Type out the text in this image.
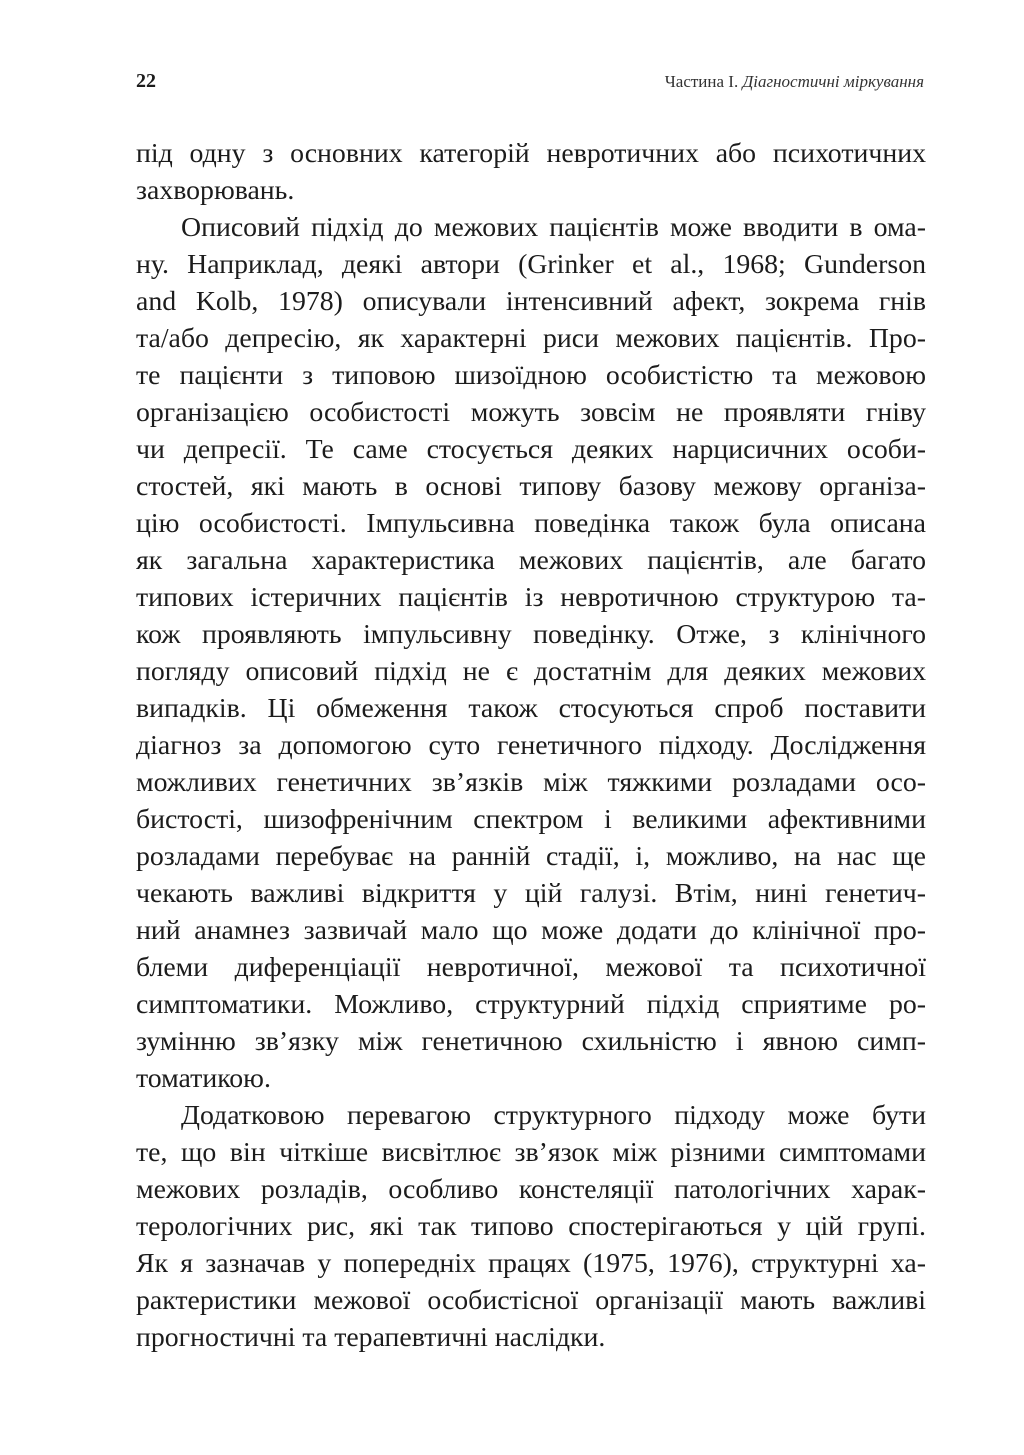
22	Частина І. Діагностичні міркування
під одну з основних категорій невротичних або психотичних
захворювань.
Описовий підхід до межових пацієнтів може вводити в ома-
ну. Наприклад, деякі автори (Grinker et al., 1968; Gunderson
and Kolb, 1978) описували інтенсивний афект, зокрема гнів
та/або депресію, як характерні риси межових пацієнтів. Про-
те пацієнти з типовою шизоїдною особистістю та межовою
організацією особистості можуть зовсім не проявляти гніву
чи депресії. Те саме стосується деяких нарцисичних особи-
стостей, які мають в основі типову базову межову організа-
цію особистості. Імпульсивна поведінка також була описана
як загальна характеристика межових пацієнтів, але багато
типових істеричних пацієнтів із невротичною структурою та-
кож проявляють імпульсивну поведінку. Отже, з клінічного
погляду описовий підхід не є достатнім для деяких межових
випадків. Ці обмеження також стосуються спроб поставити
діагноз за допомогою суто генетичного підходу. Дослідження
можливих генетичних зв’язків між тяжкими розладами осо-
бистості, шизофренічним спектром і великими афективними
розладами перебуває на ранній стадії, і, можливо, на нас ще
чекають важливі відкриття у цій галузі. Втім, нині генетич-
ний анамнез зазвичай мало що може додати до клінічної про-
блеми диференціації невротичної, межової та психотичної
симптоматики. Можливо, структурний підхід сприятиме ро-
зумінню зв’язку між генетичною схильністю і явною симп-
томатикою.
Додатковою перевагою структурного підходу може бути
те, що він чіткіше висвітлює зв’язок між різними симптомами
межових розладів, особливо констеляції патологічних харак-
терологічних рис, які так типово спостерігаються у цій групі.
Як я зазначав у попередніх працях (1975, 1976), структурні ха-
рактеристики межової особистісної організації мають важливі
прогностичні та терапевтичні наслідки.
